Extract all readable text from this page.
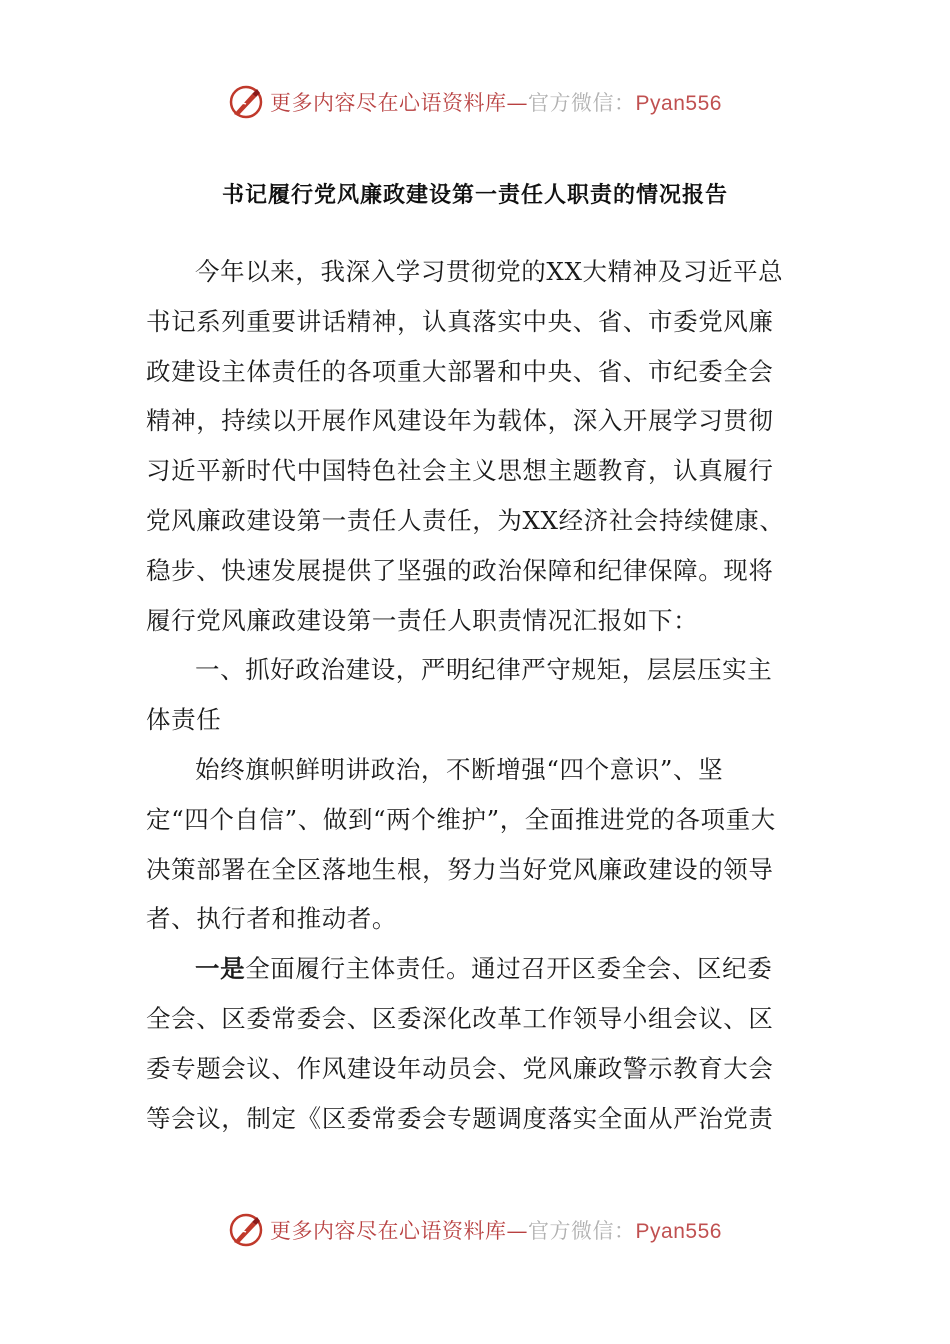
更多内容尽在心语资料库—官方微信：Pyan556
书记履行党风廉政建设第一责任人职责的情况报告

今年以来，我深入学习贯彻党的XX大精神及习近平总书记系列重要讲话精神，认真落实中央、省、市委党风廉政建设主体责任的各项重大部署和中央、省、市纪委全会精神，持续以开展作风建设年为载体，深入开展学习贯彻习近平新时代中国特色社会主义思想主题教育，认真履行党风廉政建设第一责任人责任，为XX经济社会持续健康、稳步、快速发展提供了坚强的政治保障和纪律保障。现将履行党风廉政建设第一责任人职责情况汇报如下：

一、抓好政治建设，严明纪律严守规矩，层层压实主体责任

始终旗帜鲜明讲政治，不断增强“四个意识”、坚定“四个自信”、做到“两个维护”，全面推进党的各项重大决策部署在全区落地生根，努力当好党风廉政建设的领导者、执行者和推动者。

一是全面履行主体责任。通过召开区委全会、区纪委全会、区委常委会、区委深化改革工作领导小组会议、区委专题会议、作风建设年动员会、党风廉政警示教育大会等会议，制定《区委常委会专题调度落实全面从严治党责

更多内容尽在心语资料库—官方微信：Pyan556
